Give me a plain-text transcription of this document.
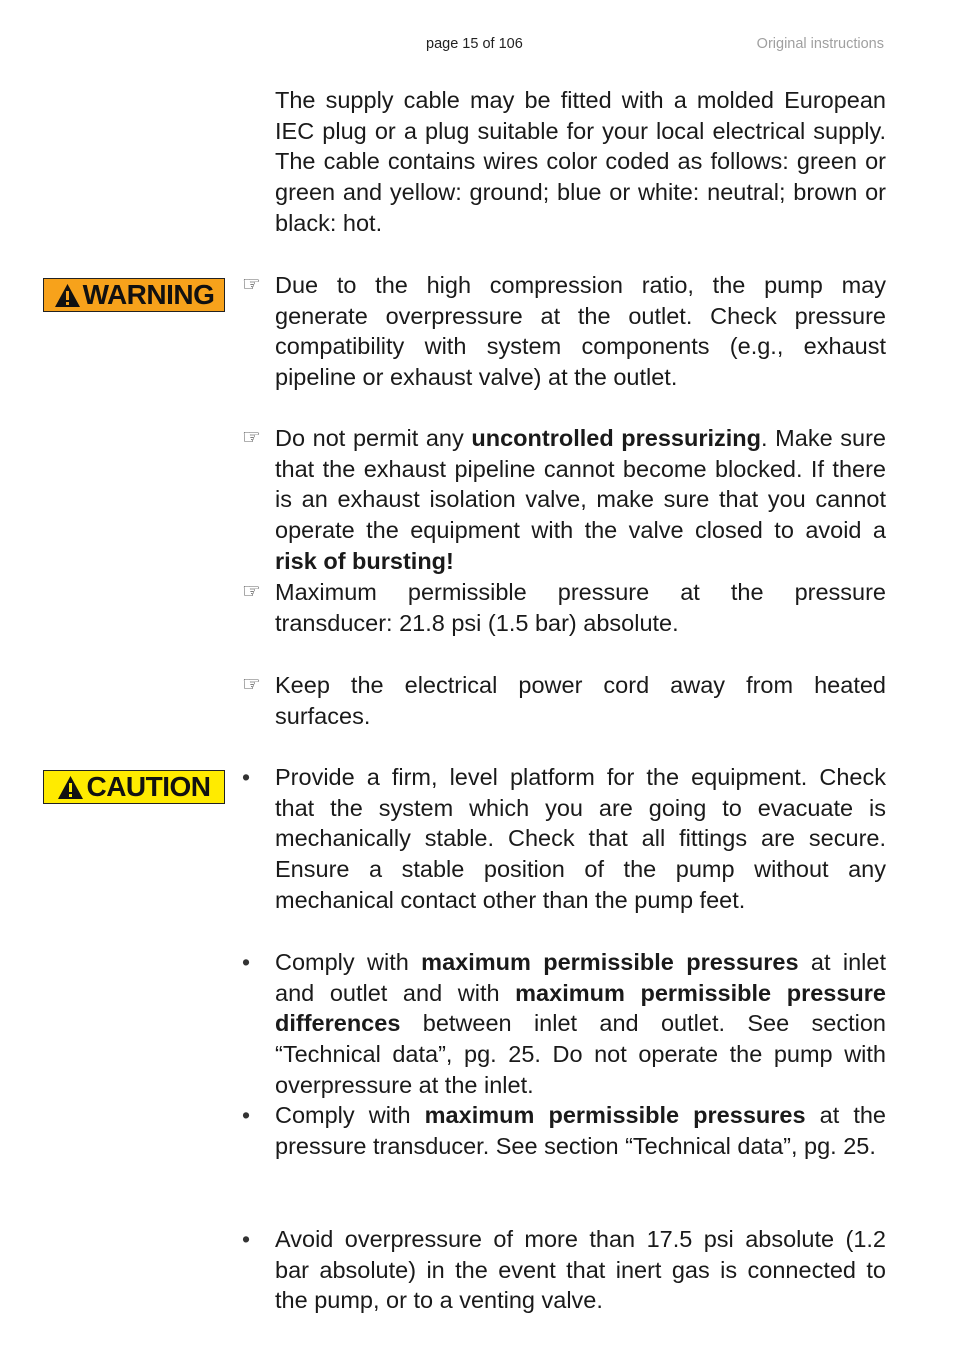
page 15 of 106	Original instructions

The supply cable may be fitted with a molded European IEC plug or a plug suitable for your local electrical supply. The cable contains wires color coded as follows: green or green and yellow: ground; blue or white: neutral; brown or black: hot.

WARNING ☞ Due to the high compression ratio, the pump may generate overpressure at the outlet. Check pressure compatibility with system components (e.g., exhaust pipeline or exhaust valve) at the outlet.

☞ Do not permit any uncontrolled pressurizing. Make sure that the exhaust pipeline cannot become blocked. If there is an exhaust isolation valve, make sure that you cannot operate the equipment with the valve closed to avoid a risk of bursting!

☞ Maximum permissible pressure at the pressure transducer: 21.8 psi (1.5 bar) absolute.

☞ Keep the electrical power cord away from heated surfaces.

CAUTION • Provide a firm, level platform for the equipment. Check that the system which you are going to evacuate is mechanically stable. Check that all fittings are secure. Ensure a stable position of the pump without any mechanical contact other than the pump feet.

• Comply with maximum permissible pressures at inlet and outlet and with maximum permissible pressure differences between inlet and outlet. See section “Technical data”, pg. 25. Do not operate the pump with overpressure at the inlet.

• Comply with maximum permissible pressures at the pressure transducer. See section “Technical data”, pg. 25.

• Avoid overpressure of more than 17.5 psi absolute (1.2 bar absolute) in the event that inert gas is connected to the pump, or to a venting valve.
